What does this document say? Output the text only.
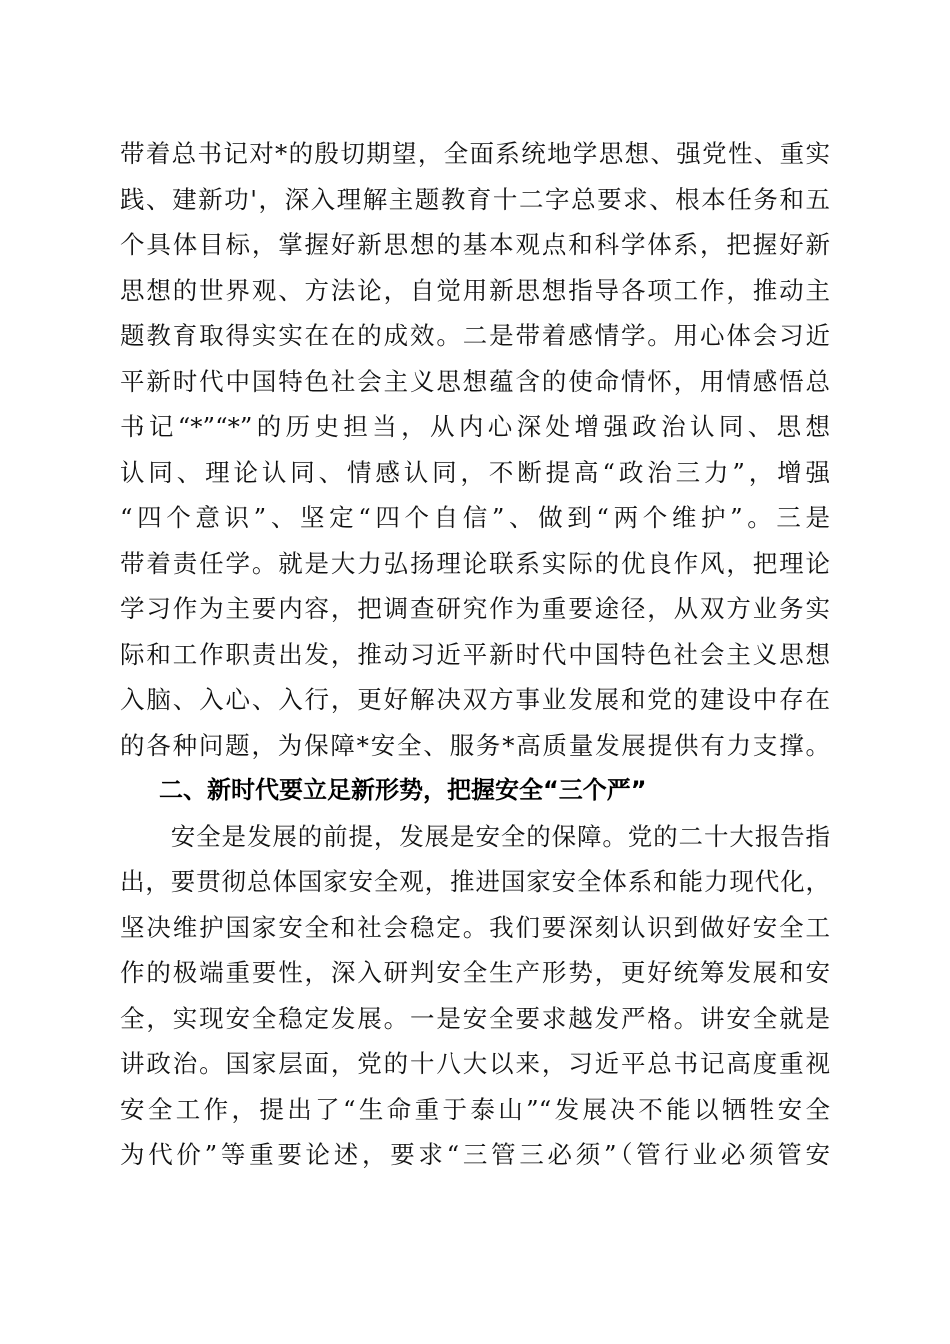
带着总书记对*的殷切期望，全面系统地学思想、强党性、重实
践、建新功'，深入理解主题教育十二字总要求、根本任务和五
个具体目标，掌握好新思想的基本观点和科学体系，把握好新
思想的世界观、方法论，自觉用新思想指导各项工作，推动主
题教育取得实实在在的成效。二是带着感情学。用心体会习近
平新时代中国特色社会主义思想蕴含的使命情怀，用情感悟总
书记“*”“*”的历史担当，从内心深处增强政治认同、思想
认同、理论认同、情感认同，不断提高“政治三力”，增强
“四个意识”、坚定“四个自信”、做到“两个维护”。三是
带着责任学。就是大力弘扬理论联系实际的优良作风，把理论
学习作为主要内容，把调查研究作为重要途径，从双方业务实
际和工作职责出发，推动习近平新时代中国特色社会主义思想
入脑、入心、入行，更好解决双方事业发展和党的建设中存在
的各种问题，为保障*安全、服务*高质量发展提供有力支撑。
二、新时代要立足新形势，把握安全“三个严”
　　安全是发展的前提，发展是安全的保障。党的二十大报告指
出，要贯彻总体国家安全观，推进国家安全体系和能力现代化，
坚决维护国家安全和社会稳定。我们要深刻认识到做好安全工
作的极端重要性，深入研判安全生产形势，更好统筹发展和安
全，实现安全稳定发展。一是安全要求越发严格。讲安全就是
讲政治。国家层面，党的十八大以来，习近平总书记高度重视
安全工作，提出了“生命重于泰山”“发展决不能以牺牲安全
为代价”等重要论述，要求“三管三必须”（管行业必须管安
